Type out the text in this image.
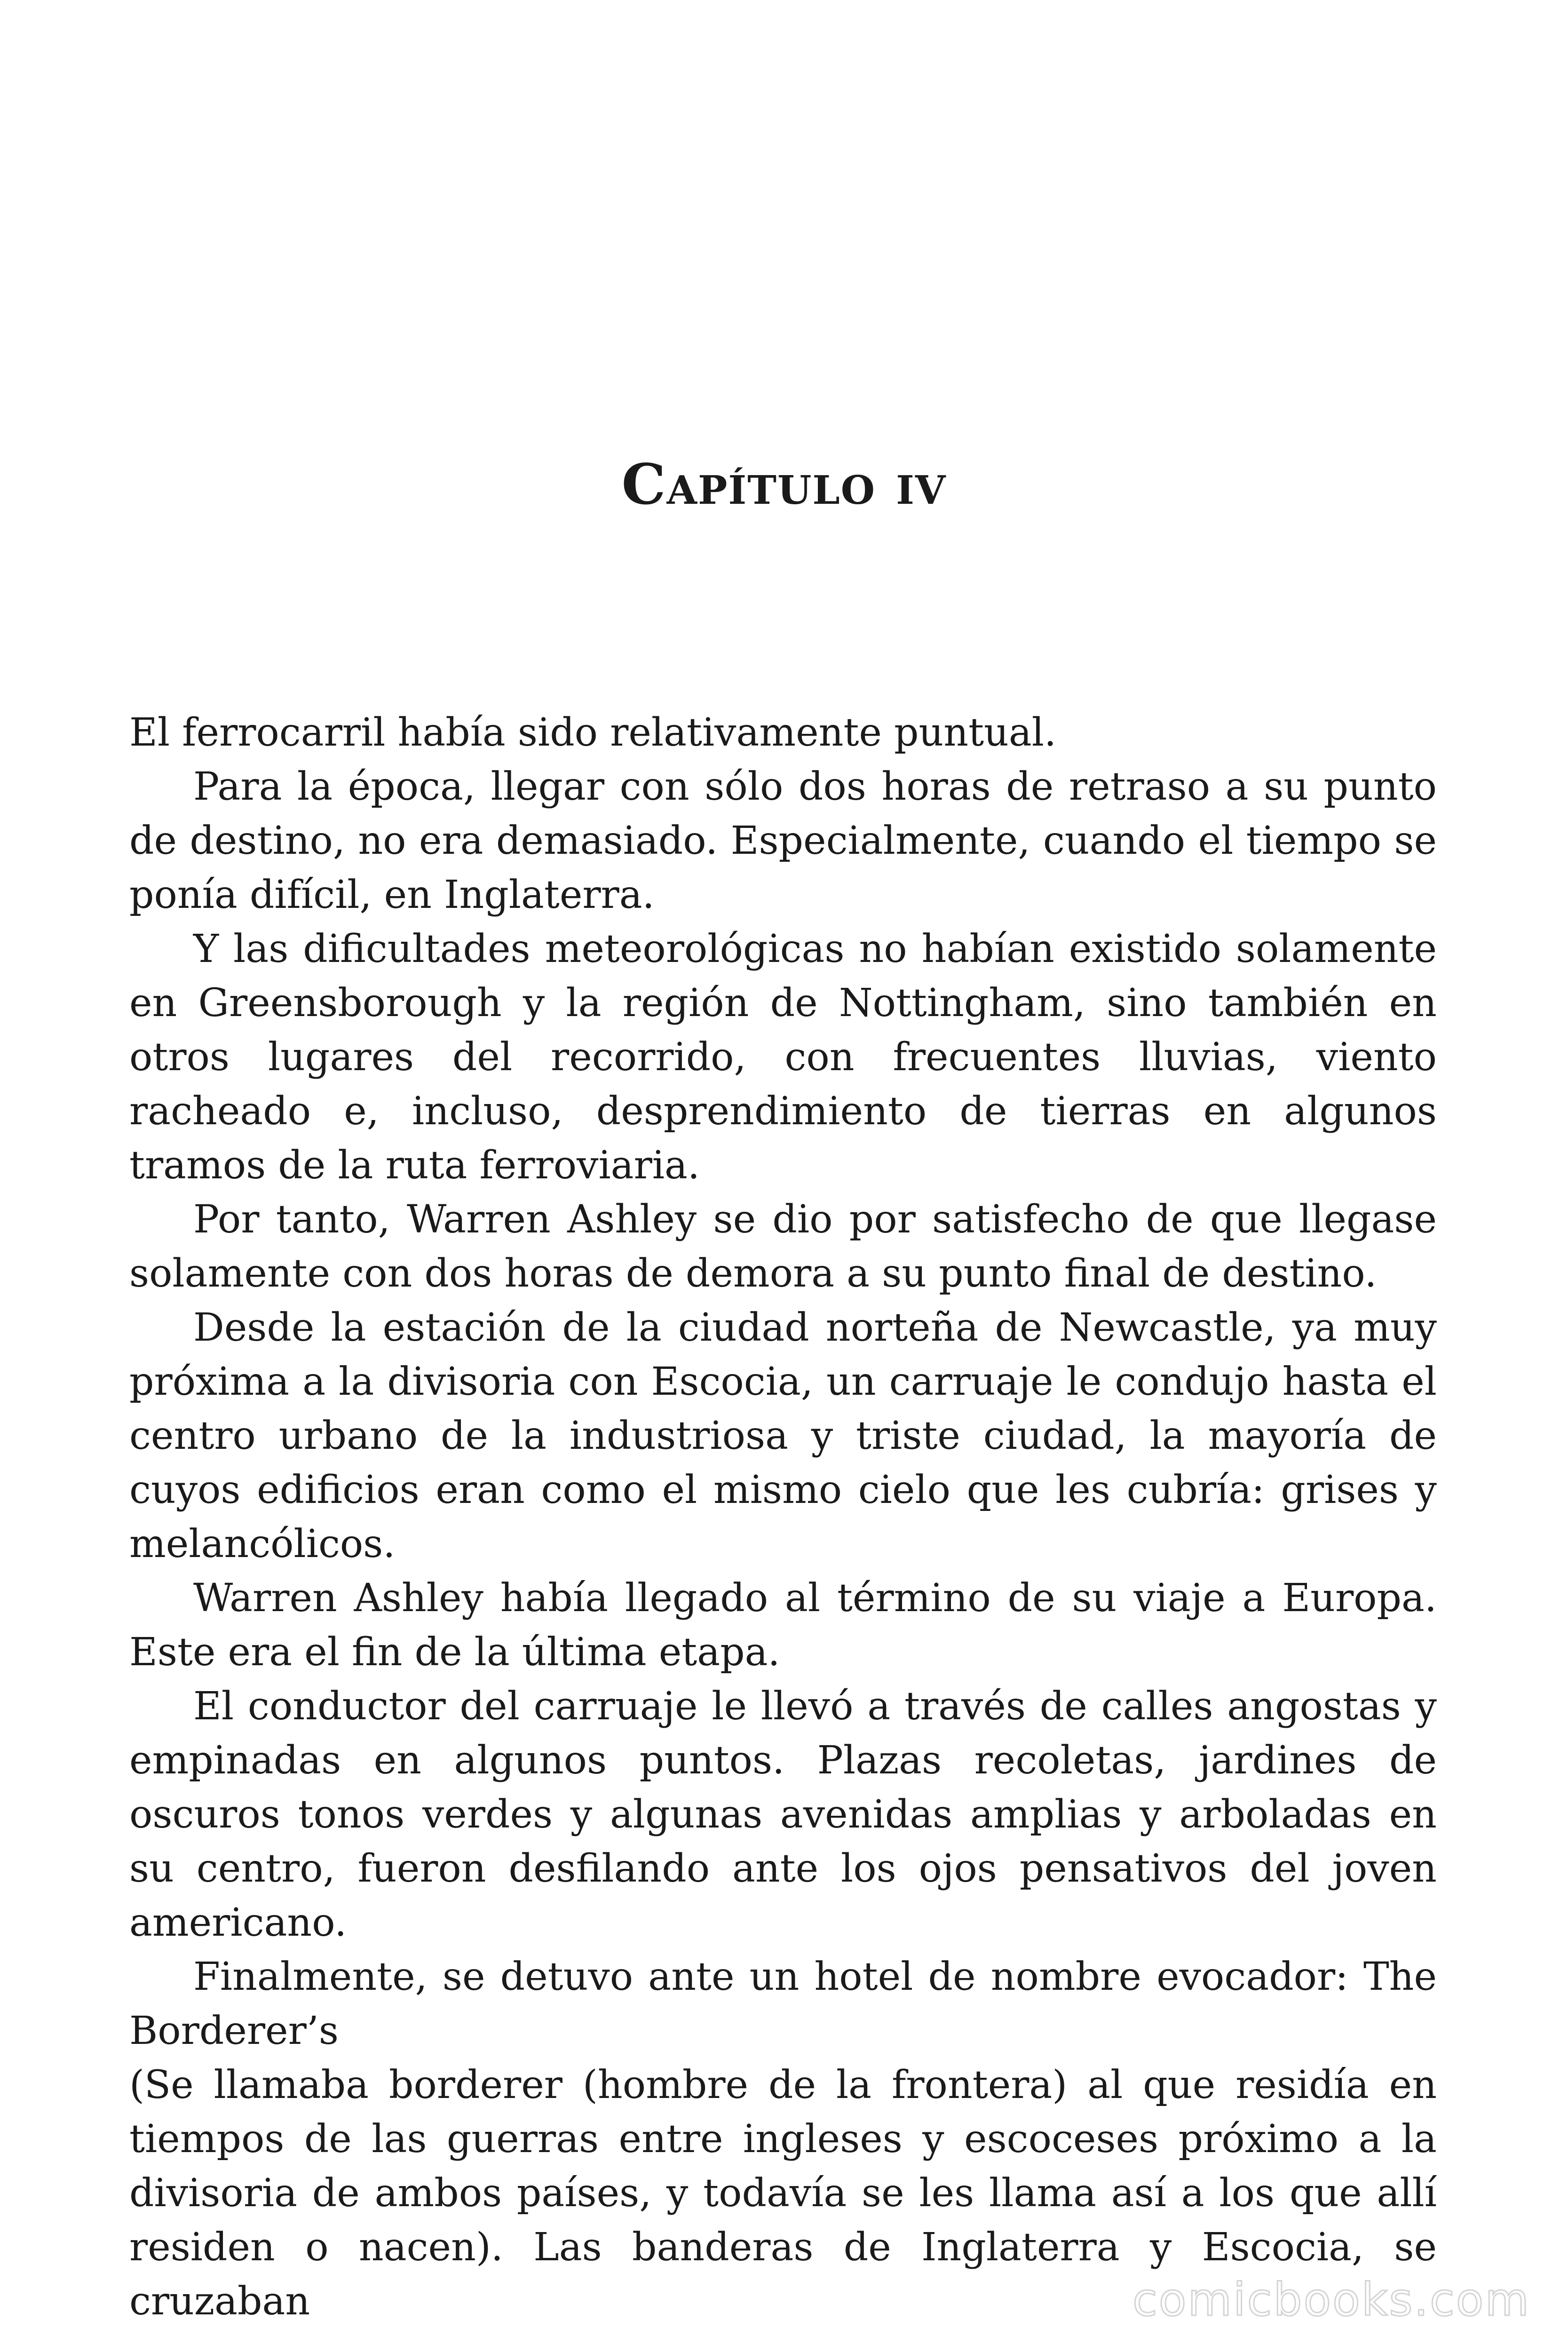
Capítulo iv

El ferrocarril había sido relativamente puntual.

Para la época, llegar con sólo dos horas de retraso a su punto de destino, no era demasiado. Especialmente, cuando el tiempo se ponía difícil, en Inglaterra.

Y las dificultades meteorológicas no habían existido solamente en Greensborough y la región de Nottingham, sino también en otros lugares del recorrido, con frecuentes lluvias, viento racheado e, incluso, desprendimiento de tierras en algunos tramos de la ruta ferroviaria.

Por tanto, Warren Ashley se dio por satisfecho de que llegase solamente con dos horas de demora a su punto final de destino.

Desde la estación de la ciudad norteña de Newcastle, ya muy próxima a la divisoria con Escocia, un carruaje le condujo hasta el centro urbano de la industriosa y triste ciudad, la mayoría de cuyos edificios eran como el mismo cielo que les cubría: grises y melancólicos.

Warren Ashley había llegado al término de su viaje a Europa. Este era el fin de la última etapa.

El conductor del carruaje le llevó a través de calles angostas y empinadas en algunos puntos. Plazas recoletas, jardines de oscuros tonos verdes y algunas avenidas amplias y arboladas en su centro, fueron desfilando ante los ojos pensativos del joven americano.

Finalmente, se detuvo ante un hotel de nombre evocador: The Borderer’s

(Se llamaba borderer (hombre de la frontera) al que residía en tiempos de las guerras entre ingleses y escoceses próximo a la divisoria de ambos países, y todavía se les llama así a los que allí residen o nacen). Las banderas de Inglaterra y Escocia, se cruzaban	comicbooks.com
